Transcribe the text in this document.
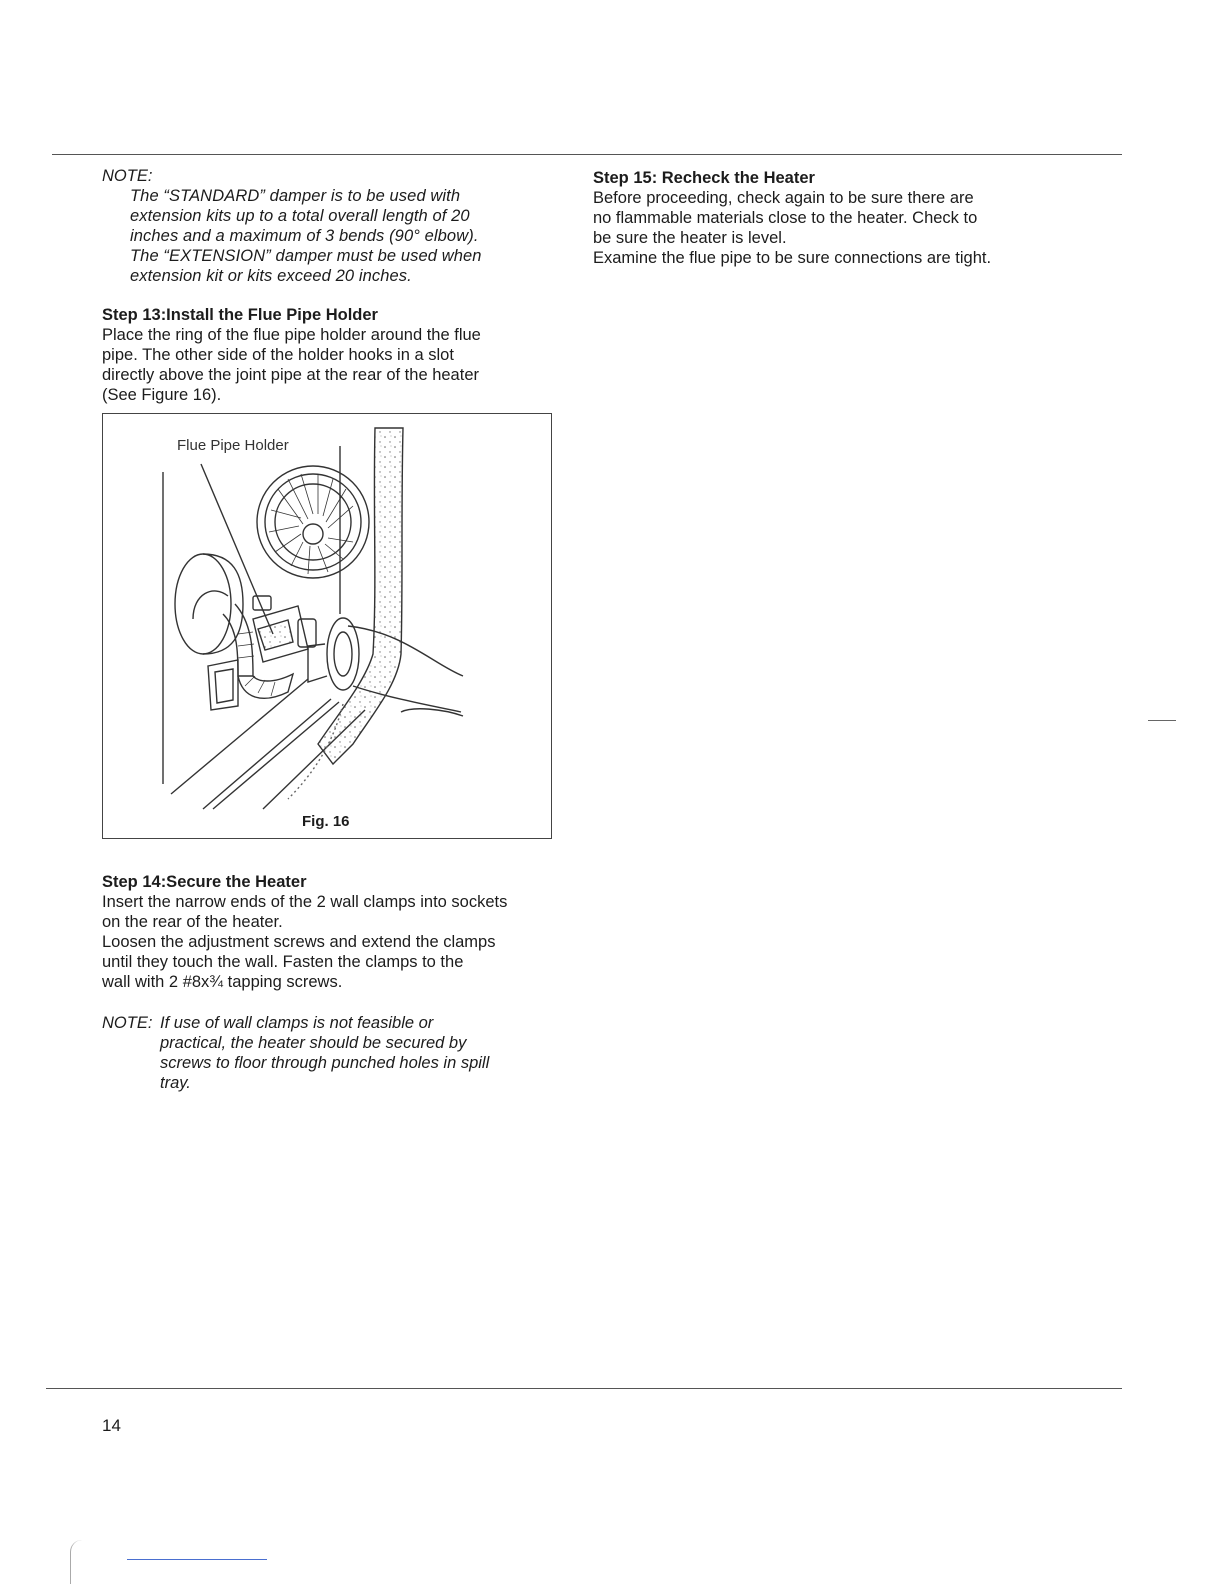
NOTE:

The “STANDARD” damper is to be used with
extension kits up to a total overall length of 20
inches and a maximum of 3 bends (90° elbow).
The “EXTENSION” damper must be used when
extension kit or kits exceed 20 inches.

Step 13:Install the Flue Pipe Holder

Place the ring of the flue pipe holder around the flue
pipe. The other side of the holder hooks in a slot
directly above the joint pipe at the rear of the heater
(See Figure 16).
Flue Pipe Holder
Fig. 16

Step 14:Secure the Heater

Insert the narrow ends of the 2 wall clamps into sockets
on the rear of the heater.
Loosen the adjustment screws and extend the clamps
until they touch the wall. Fasten the clamps to the
wall with 2 #8x¾ tapping screws.
NOTE: If use of wall clamps is not feasible or
practical, the heater should be secured by
screws to floor through punched holes in spill
tray.

Step 15: Recheck the Heater

Before proceeding, check again to be sure there are
no flammable materials close to the heater. Check to
be sure the heater is level.
Examine the flue pipe to be sure connections are tight.
14
